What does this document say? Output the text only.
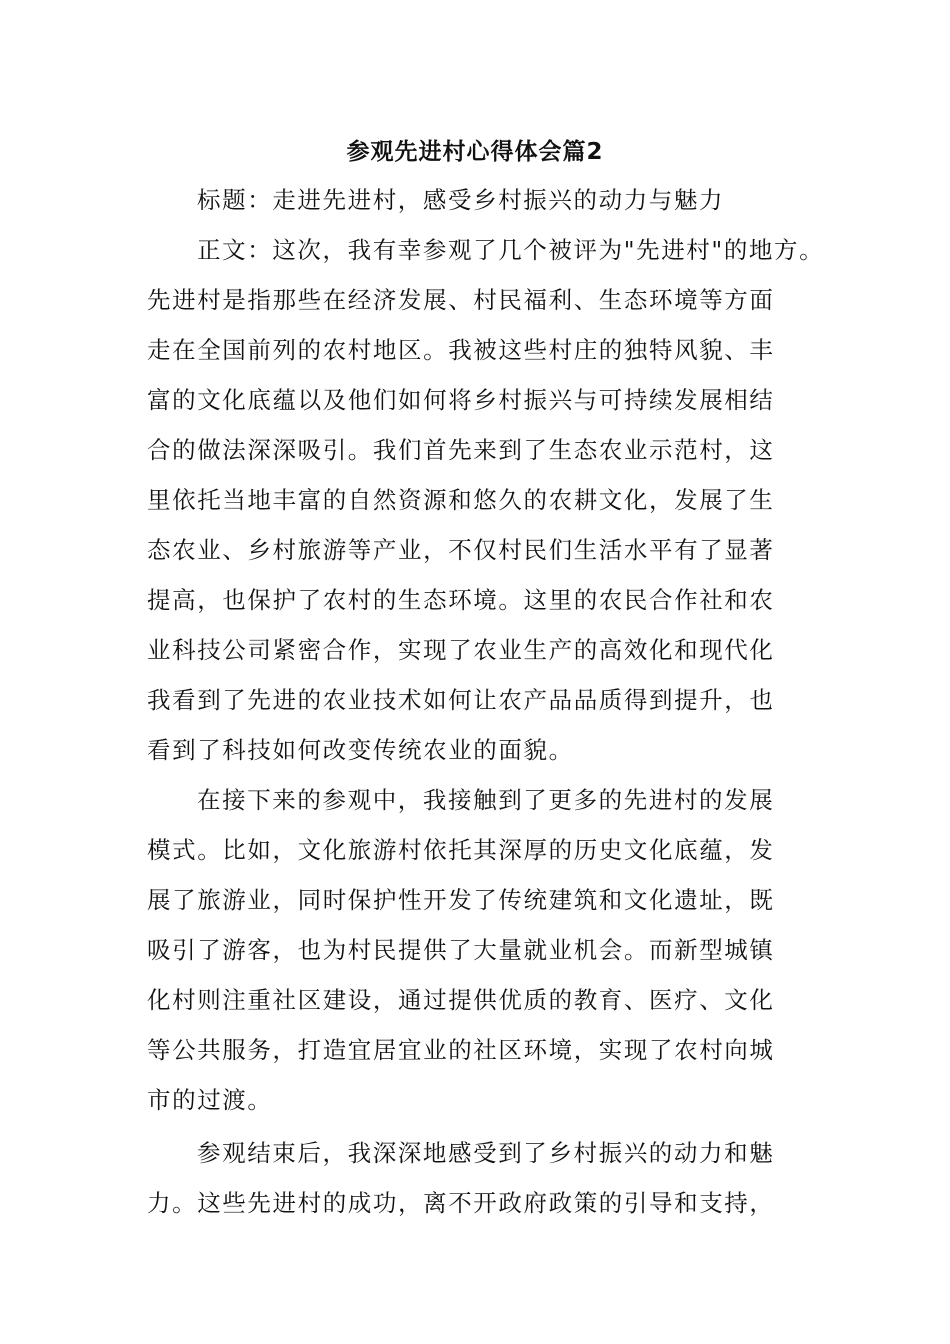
参观先进村心得体会篇2
标题：走进先进村，感受乡村振兴的动力与魅力
正文：这次，我有幸参观了几个被评为"先进村"的地方。
先进村是指那些在经济发展、村民福利、生态环境等方面
走在全国前列的农村地区。我被这些村庄的独特风貌、丰
富的文化底蕴以及他们如何将乡村振兴与可持续发展相结
合的做法深深吸引。我们首先来到了生态农业示范村，这
里依托当地丰富的自然资源和悠久的农耕文化，发展了生
态农业、乡村旅游等产业，不仅村民们生活水平有了显著
提高，也保护了农村的生态环境。这里的农民合作社和农
业科技公司紧密合作，实现了农业生产的高效化和现代化
我看到了先进的农业技术如何让农产品品质得到提升，也
看到了科技如何改变传统农业的面貌。
在接下来的参观中，我接触到了更多的先进村的发展
模式。比如，文化旅游村依托其深厚的历史文化底蕴，发
展了旅游业，同时保护性开发了传统建筑和文化遗址，既
吸引了游客，也为村民提供了大量就业机会。而新型城镇
化村则注重社区建设，通过提供优质的教育、医疗、文化
等公共服务，打造宜居宜业的社区环境，实现了农村向城
市的过渡。
参观结束后，我深深地感受到了乡村振兴的动力和魅
力。这些先进村的成功，离不开政府政策的引导和支持，
